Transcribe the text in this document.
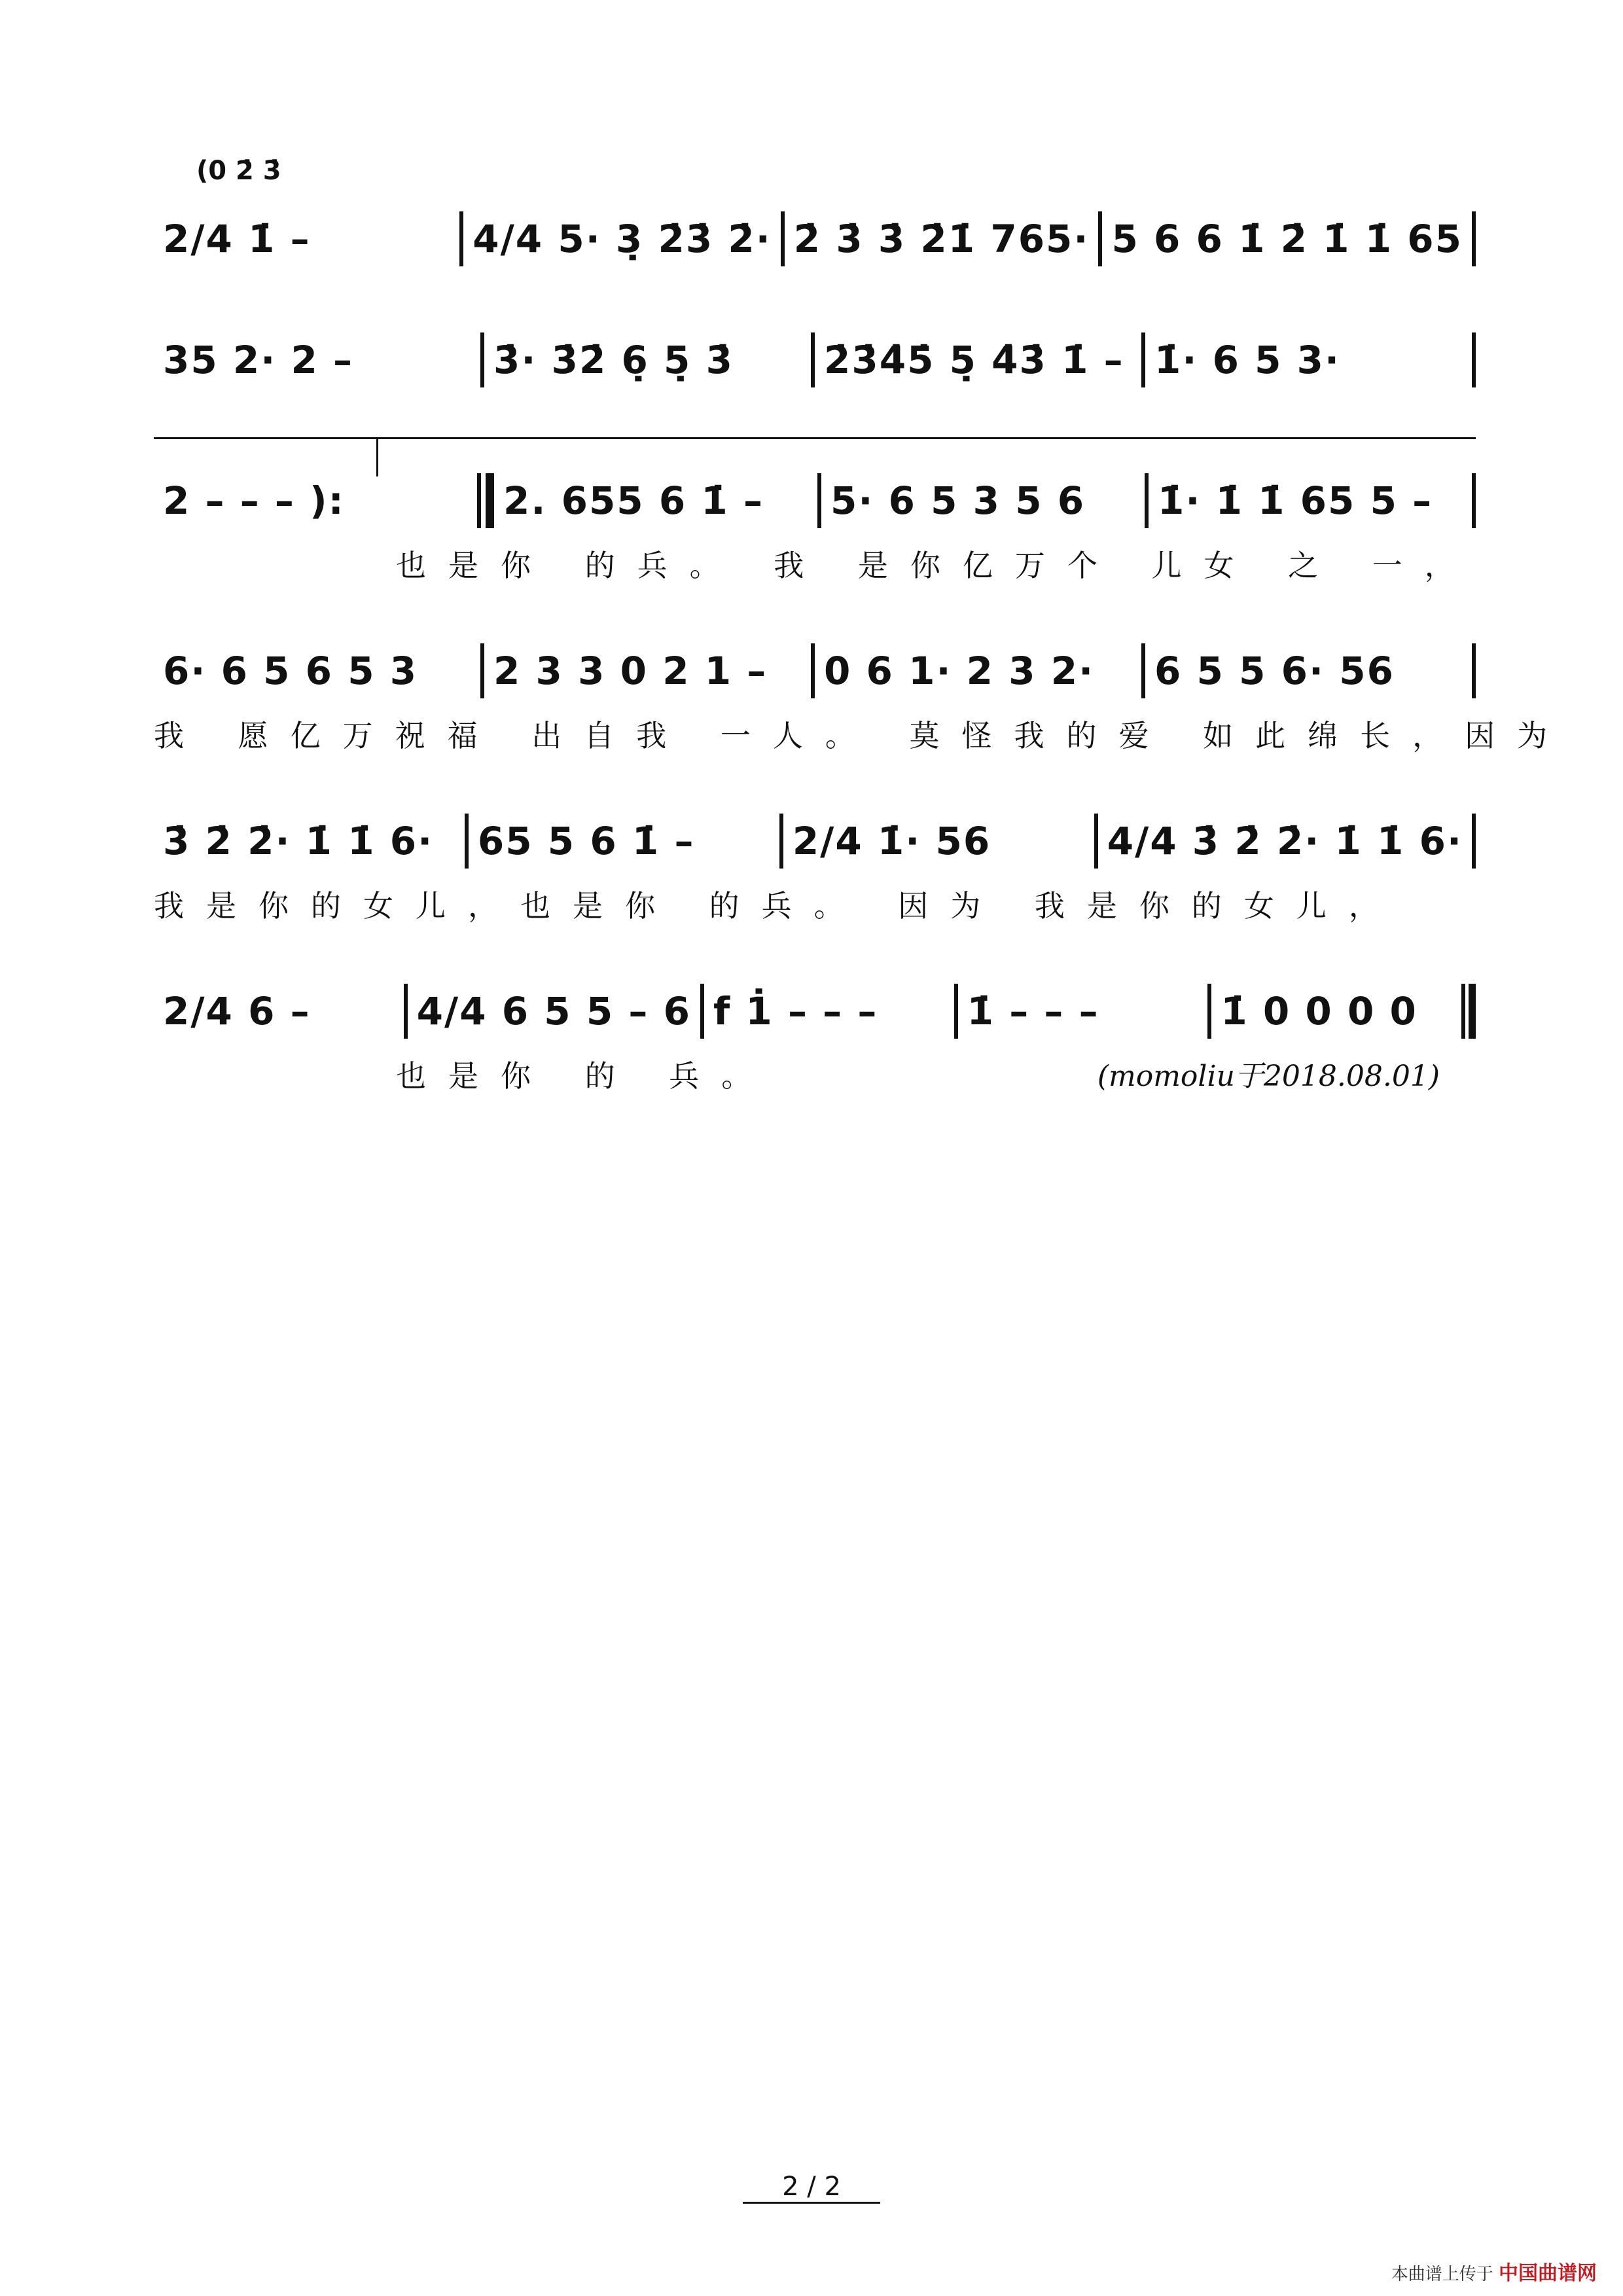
(0 2̇ 3̇
2/4 1̇ –	4/4 5· 3̣ 2̇3̇ 2̇· 2̇ 3̇ 3̇ 2̇1̇ 765· 5 6 6 1̇ 2̇ 1̇ 1̇ 65
35 2· 2 –	3̇· 3̇2̇ 6̣ 5̣ 3̇	2̇3̇4̇5̇ 5̣ 4̇3̇ 1̇ – 1̇· 6 5 3·
2 – – – ):	2. 655 6 1̇ –	5· 6 5 3 5 6	1̇· 1̇ 1̇ 65 5 –
也是你 的兵。 我 是你亿万个 儿女 之 一，
6· 6 5 6 5 3	2 3 3 0 2 1 –	0 6 1· 2 3 2·	6 5 5 6· 56
我 愿亿万祝福 出自我 一人。 莫怪我的爱 如此绵长，因为
3̇ 2̇ 2̇· 1̇ 1̇ 6·	65 5 6 1̇ –	2/4 1̇· 56	4/4 3̇ 2̇ 2̇· 1̇ 1̇ 6·
我是你的女儿，也是你 的兵。 因为 我是你的女儿，
2/4 6 –	4/4 6 5 5 – 6 f 1̇ – – –	1̇ – – –	1̇ 0 0 0 0
也是你 的 兵。	(momoliu于2018.08.01)
2 / 2
本曲谱上传于 中国曲谱网
